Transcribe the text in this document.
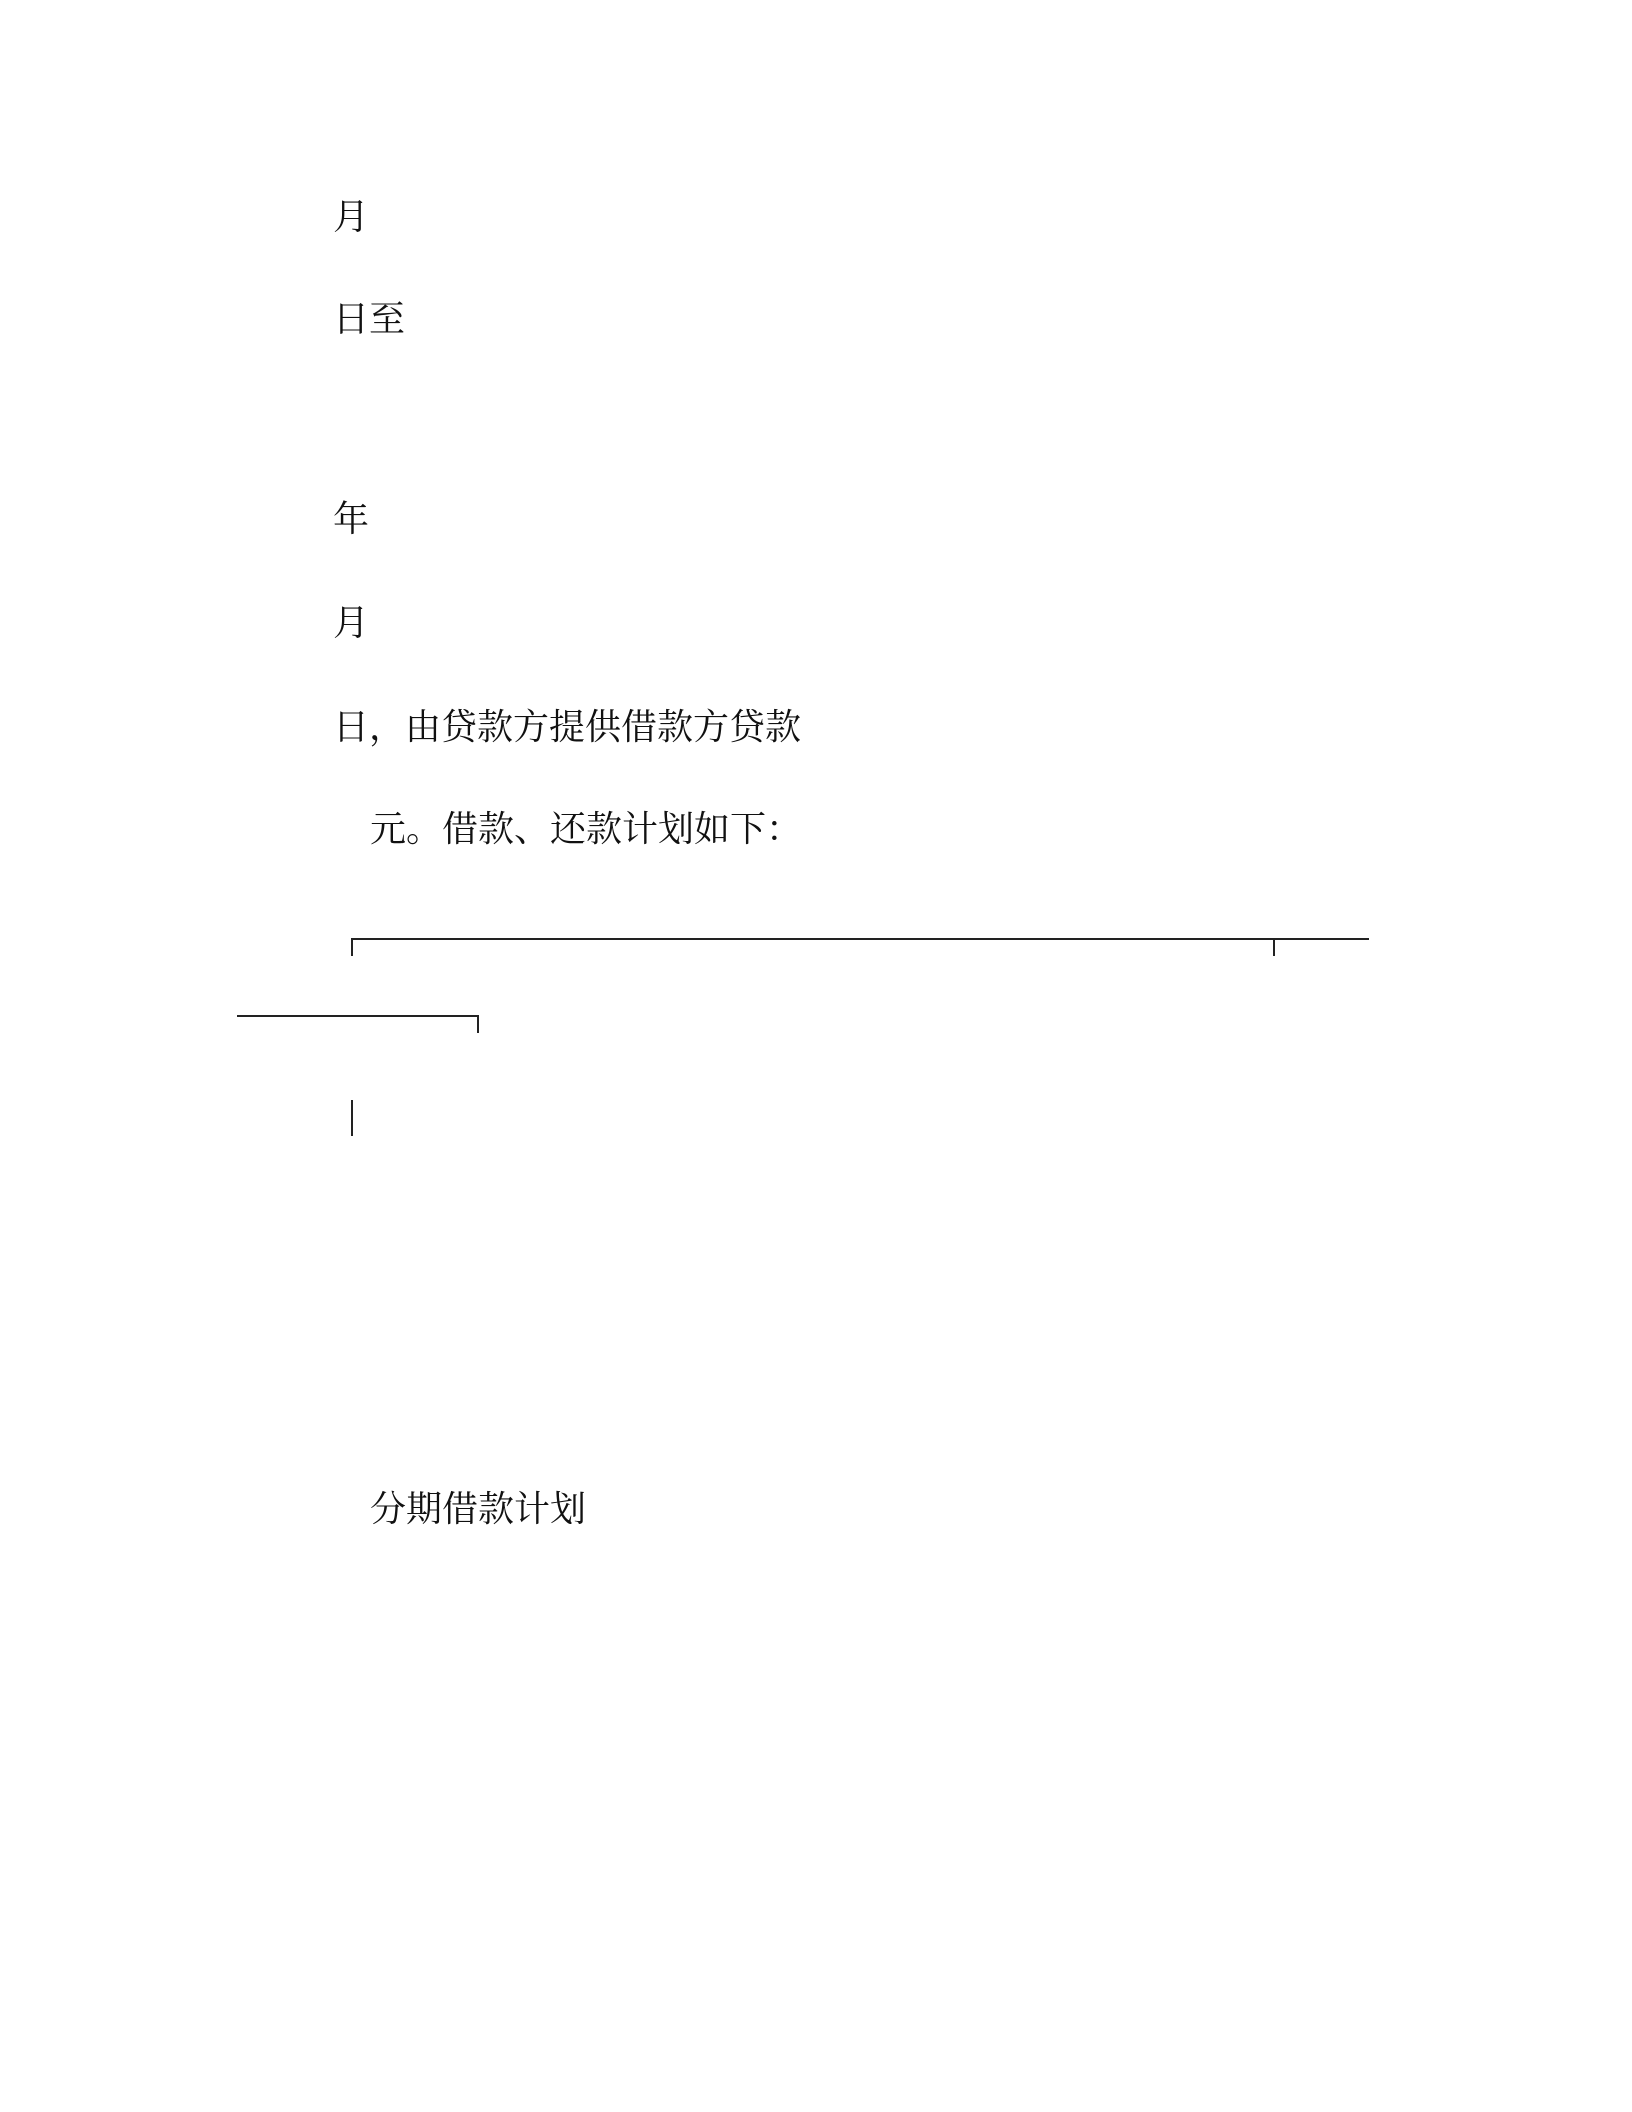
月
日至
年
月
日，由贷款方提供借款方贷款
元。借款、还款计划如下：
分期借款计划
